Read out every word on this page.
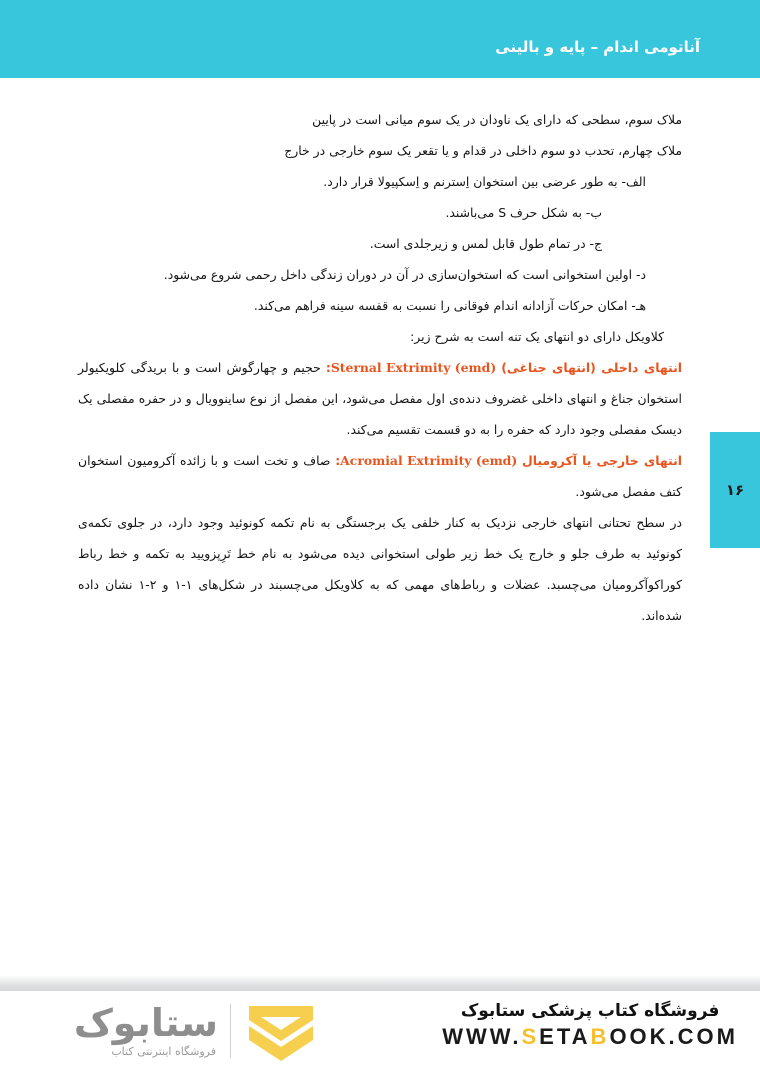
آناتومی اندام – پایه و بالینی
۱۶

ملاک سوم، سطحی که دارای یک ناودان در یک سوم میانی است در پایین

ملاک چهارم، تحدب دو سوم داخلی در قدام و یا تقعر یک سوم خارجی در خارج

الف- به طور عرضی بین استخوان اِسترنم و اِسکپیولا قرار دارد.

ب- به شکل حرف S می‌باشند.

ج- در تمام طول قابل لمس و زیرجلدی است.

د- اولین استخوانی است که استخوان‌سازی در آن در دوران زندگی داخل رحمی شروع می‌شود.

هـ- امکان حرکات آزادانه اندام فوقانی را نسبت به قفسه سینه فراهم می‌کند.

کلاویکل دارای دو انتهای یک تنه است به شرح زیر:

انتهای داخلی (انتهای جناغی) Sternal Extrimity (emd): حجیم و چهارگوش است و با بریدگی کلویکیولر استخوان جناغ و انتهای داخلی غضروف دنده‌ی اول مفصل می‌شود، این مفصل از نوع ساینوویال و در حفره مفصلی یک دیسک مفصلی وجود دارد که حفره را به دو قسمت تقسیم می‌کند.

انتهای خارجی یا آکرومیال Acromial Extrimity (emd): صاف و تخت است و با زائده آکرومیون استخوان کتف مفصل می‌شود.

در سطح تحتانی انتهای خارجی نزدیک به کنار خلفی یک برجستگی به نام تکمه کونوئید وجود دارد، در جلوی تکمه‌ی کونوئید به طرف جلو و خارج یک خط زیر طولی استخوانی دیده می‌شود به نام خط تَرِپزویید به تکمه و خط رباط کوراکوآکرومیان می‌چسبد. عضلات و رباط‌های مهمی که به کلاویکل می‌چسبند در شکل‌های ۱-۱ و ۲-۱ نشان داده شده‌اند.

فروشگاه کتاب پزشکی ستابوک
WWW.SETABOOK.COM
ستابوک
فروشگاه اینترنتی کتاب
